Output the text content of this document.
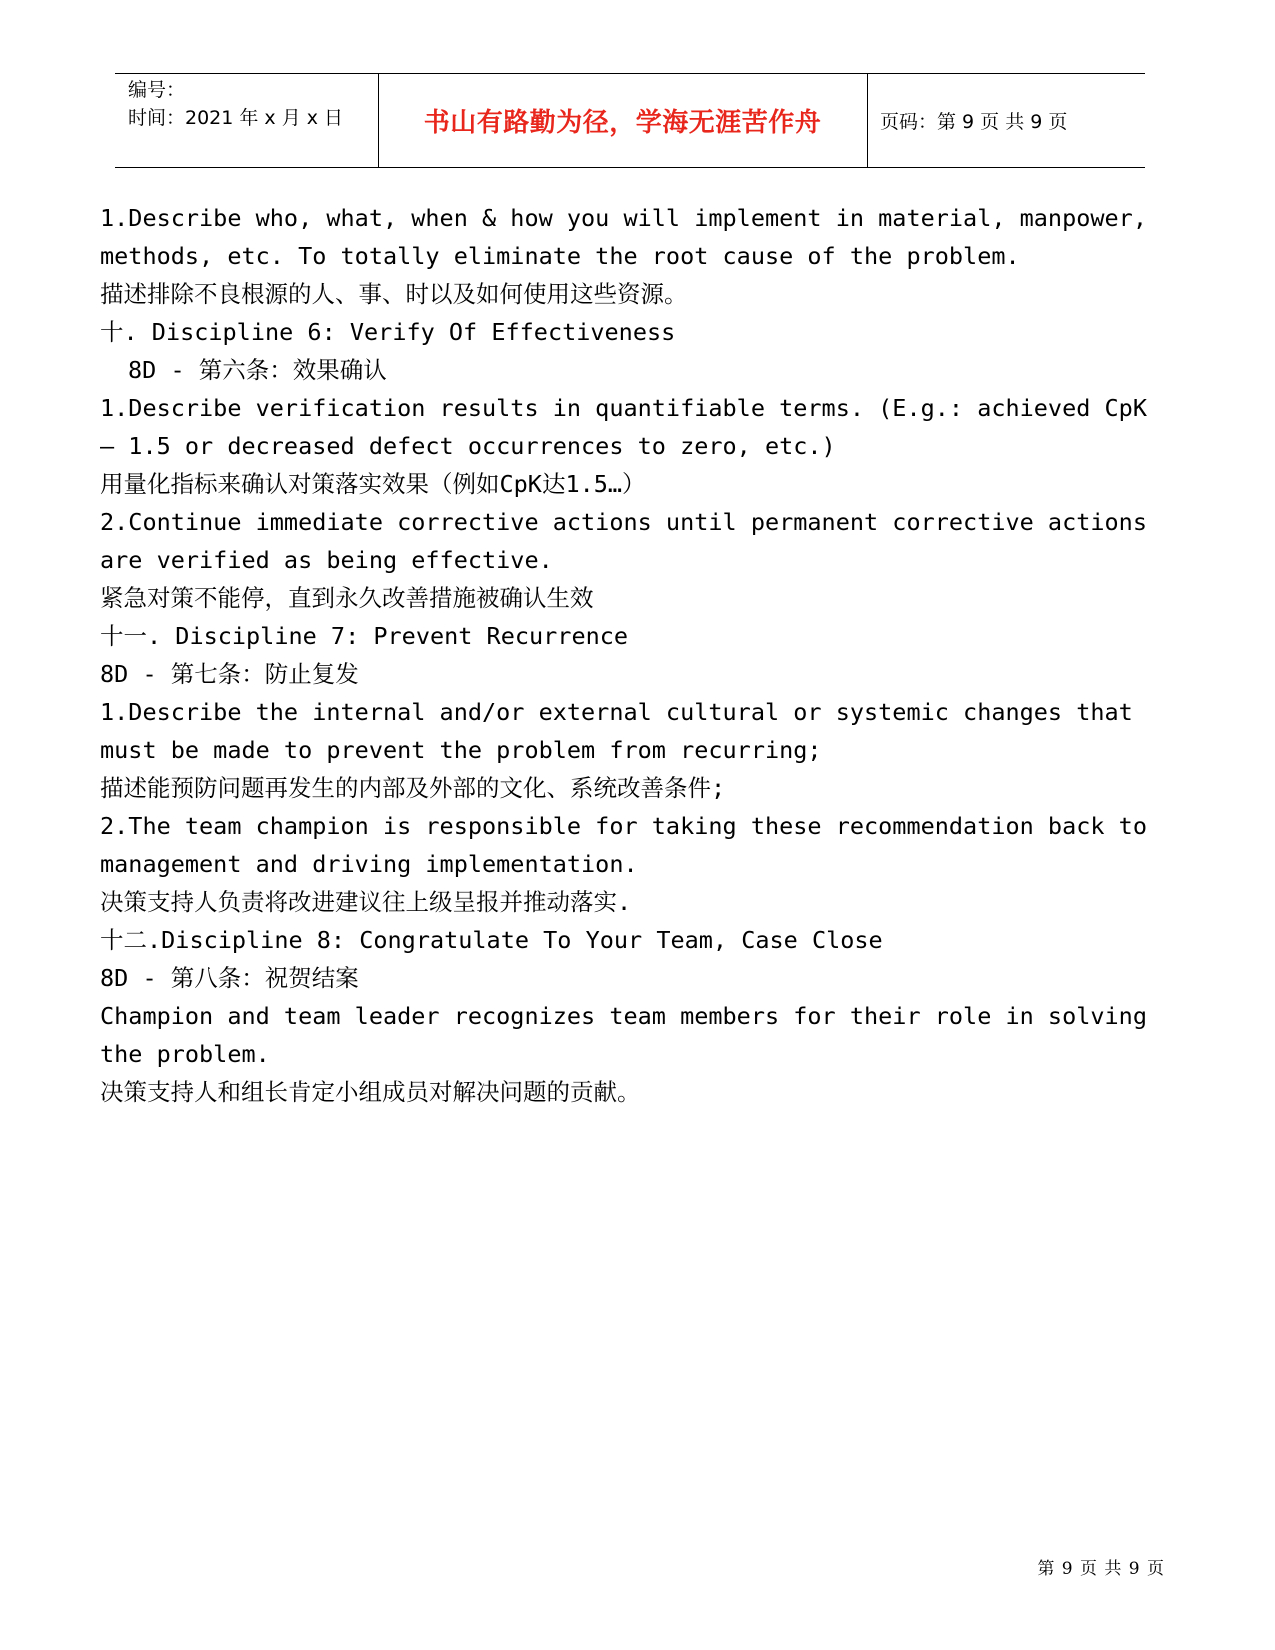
编号：
时间：2021 年 x 月 x 日	书山有路勤为径，学海无涯苦作舟	页码：第 9 页 共 9 页
1.Describe who, what, when & how you will implement in material, manpower,
methods, etc. To totally eliminate the root cause of the problem.
描述排除不良根源的人、事、时以及如何使用这些资源。
十. Discipline 6: Verify Of Effectiveness
8D - 第六条：效果确认
1.Describe verification results in quantifiable terms. (E.g.: achieved CpK
– 1.5 or decreased defect occurrences to zero, etc.)
用量化指标来确认对策落实效果（例如CpK达1.5…）
2.Continue immediate corrective actions until permanent corrective actions
are verified as being effective.
紧急对策不能停，直到永久改善措施被确认生效
十一. Discipline 7: Prevent Recurrence
8D - 第七条：防止复发
1.Describe the internal and/or external cultural or systemic changes that
must be made to prevent the problem from recurring;
描述能预防问题再发生的内部及外部的文化、系统改善条件;
2.The team champion is responsible for taking these recommendation back to
management and driving implementation.
决策支持人负责将改进建议往上级呈报并推动落实.
十二.Discipline 8: Congratulate To Your Team, Case Close
8D - 第八条：祝贺结案
Champion and team leader recognizes team members for their role in solving
the problem.
决策支持人和组长肯定小组成员对解决问题的贡献。
第 9 页 共 9 页
